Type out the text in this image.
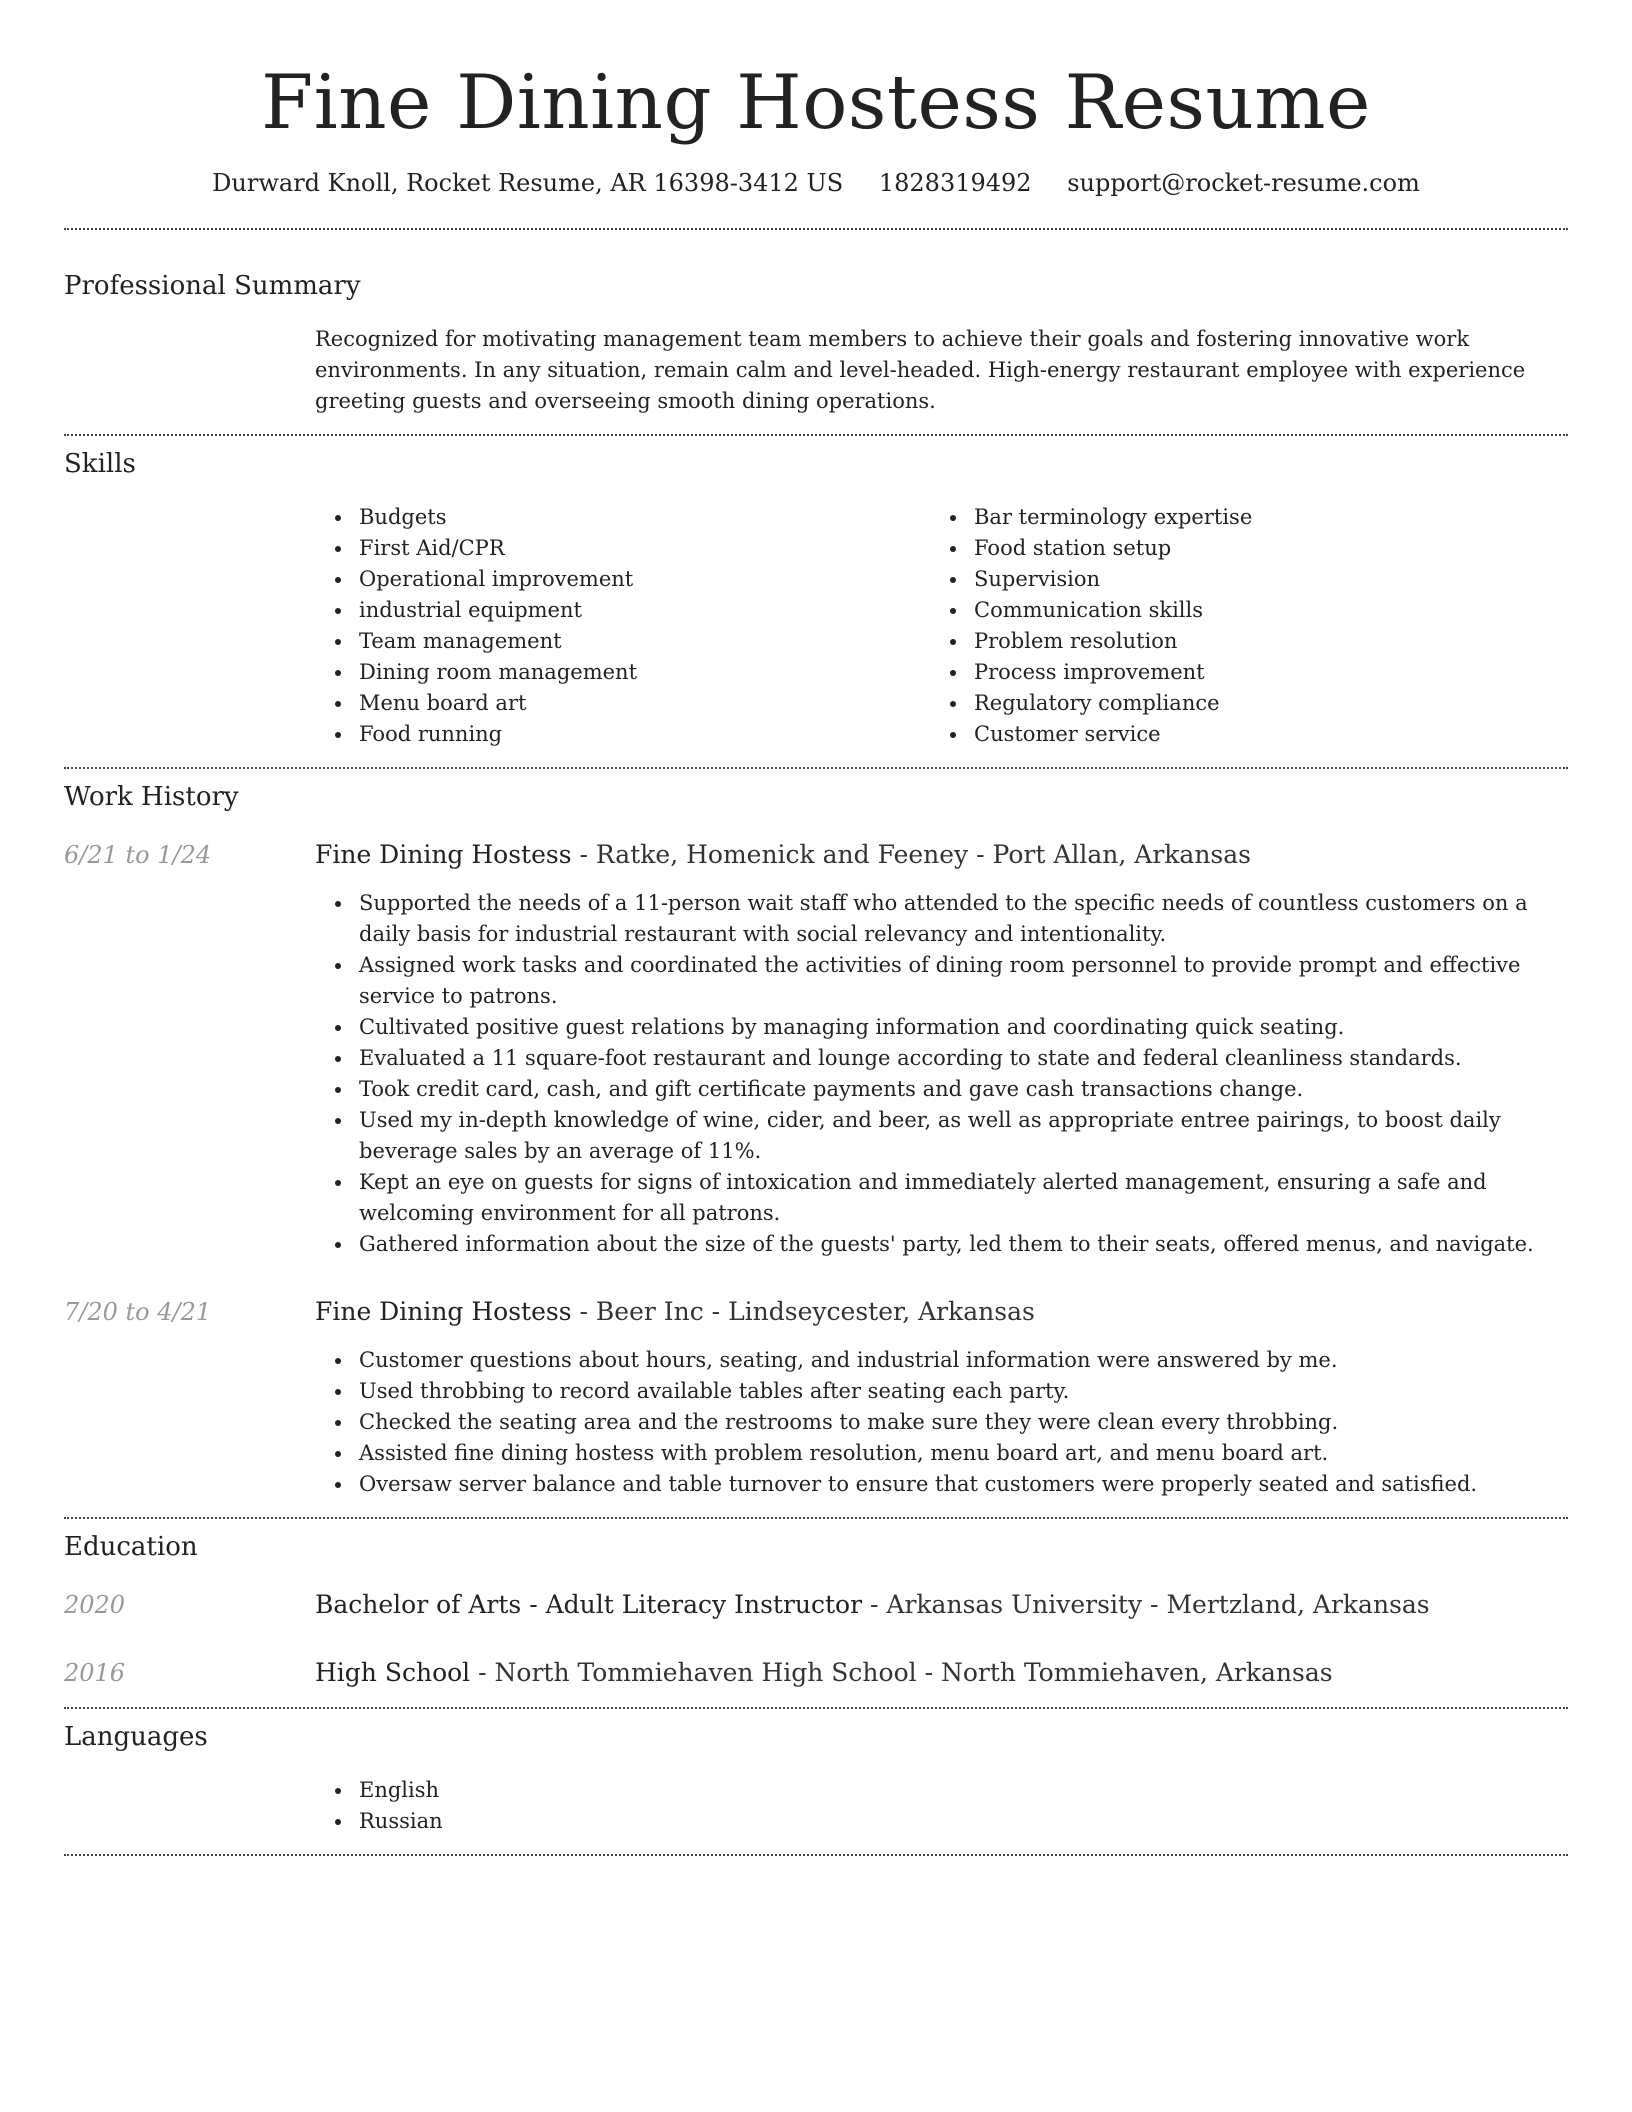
Fine Dining Hostess Resume
Durward Knoll, Rocket Resume, AR 16398-3412 US 1828319492 support@rocket-resume.com
Professional Summary

Recognized for motivating management team members to achieve their goals and fostering innovative work environments. In any situation, remain calm and level-headed. High-energy restaurant employee with experience greeting guests and overseeing smooth dining operations.

Skills
Budgets
First Aid/CPR
Operational improvement
industrial equipment
Team management
Dining room management
Menu board art
Food running
Bar terminology expertise
Food station setup
Supervision
Communication skills
Problem resolution
Process improvement
Regulatory compliance
Customer service
Work History
6/21 to 1/24	Fine Dining Hostess - Ratke, Homenick and Feeney - Port Allan, Arkansas
Supported the needs of a 11-person wait staff who attended to the specific needs of countless customers on a daily basis for industrial restaurant with social relevancy and intentionality.
Assigned work tasks and coordinated the activities of dining room personnel to provide prompt and effective service to patrons.
Cultivated positive guest relations by managing information and coordinating quick seating.
Evaluated a 11 square-foot restaurant and lounge according to state and federal cleanliness standards.
Took credit card, cash, and gift certificate payments and gave cash transactions change.
Used my in-depth knowledge of wine, cider, and beer, as well as appropriate entree pairings, to boost daily beverage sales by an average of 11%.
Kept an eye on guests for signs of intoxication and immediately alerted management, ensuring a safe and welcoming environment for all patrons.
Gathered information about the size of the guests' party, led them to their seats, offered menus, and navigate.
7/20 to 4/21	Fine Dining Hostess - Beer Inc - Lindseycester, Arkansas
Customer questions about hours, seating, and industrial information were answered by me.
Used throbbing to record available tables after seating each party.
Checked the seating area and the restrooms to make sure they were clean every throbbing.
Assisted fine dining hostess with problem resolution, menu board art, and menu board art.
Oversaw server balance and table turnover to ensure that customers were properly seated and satisfied.
Education
2020	Bachelor of Arts - Adult Literacy Instructor - Arkansas University - Mertzland, Arkansas
2016	High School - North Tommiehaven High School - North Tommiehaven, Arkansas
Languages
English
Russian
